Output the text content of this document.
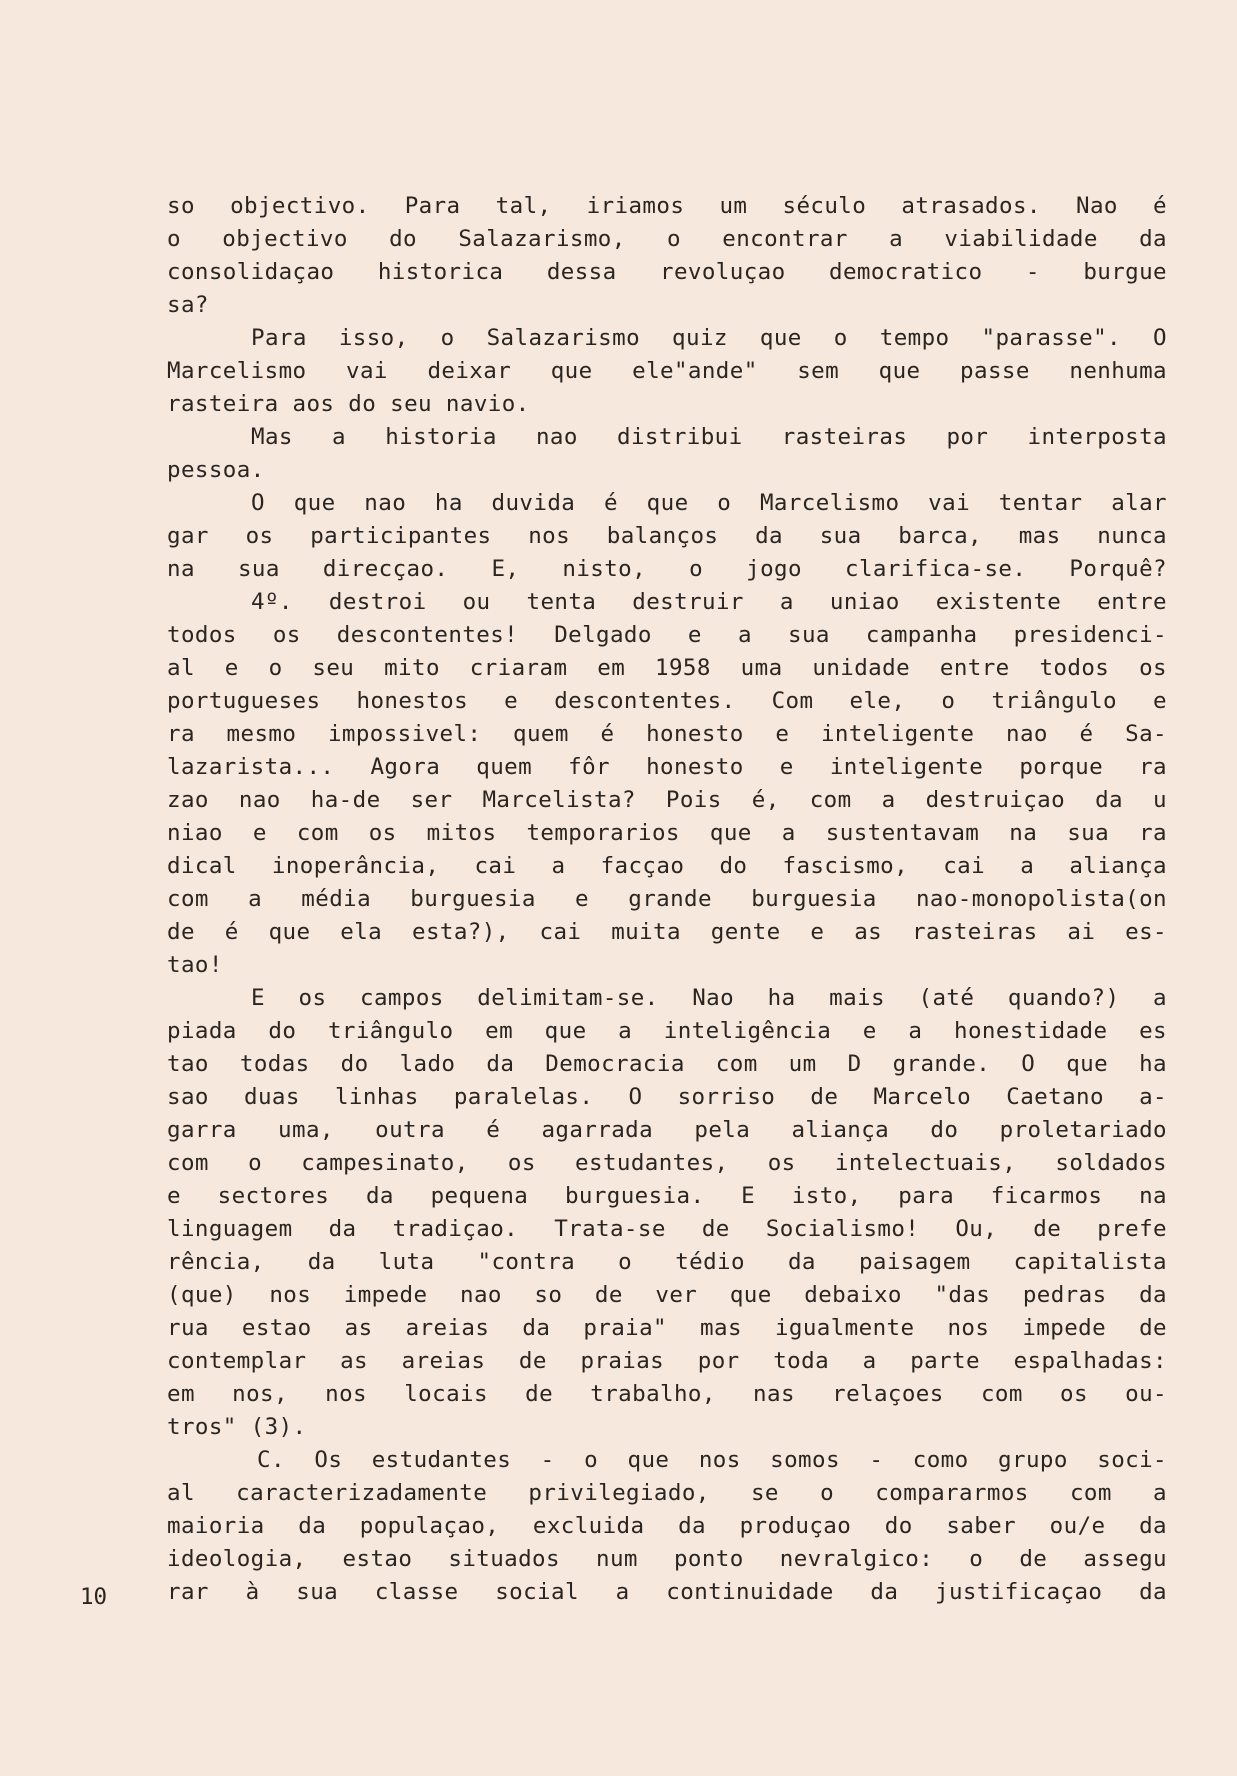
so objectivo. Para tal, iriamos um século atrasados. Nao é
o objectivo do Salazarismo, o encontrar a viabilidade da
consolidaçao historica dessa revoluçao democratico - burgue
sa?
Para isso, o Salazarismo quiz que o tempo "parasse". O
Marcelismo vai deixar que ele"ande" sem que passe nenhuma
rasteira aos do seu navio.
Mas a historia nao distribui rasteiras por interposta
pessoa.
O que nao ha duvida é que o Marcelismo vai tentar alar
gar os participantes nos balanços da sua barca, mas nunca
na sua direcçao. E, nisto, o jogo clarifica-se. Porquê?
4º. destroi ou tenta destruir a uniao existente entre
todos os descontentes! Delgado e a sua campanha presidenci-
al e o seu mito criaram em 1958 uma unidade entre todos os
portugueses honestos e descontentes. Com ele, o triângulo e
ra mesmo impossivel: quem é honesto e inteligente nao é Sa-
lazarista... Agora quem fôr honesto e inteligente porque ra
zao nao ha-de ser Marcelista? Pois é, com a destruiçao da u
niao e com os mitos temporarios que a sustentavam na sua ra
dical inoperância, cai a facçao do fascismo, cai a aliança
com a média burguesia e grande burguesia nao-monopolista(on
de é que ela esta?), cai muita gente e as rasteiras ai es-
tao!
E os campos delimitam-se. Nao ha mais (até quando?) a
piada do triângulo em que a inteligência e a honestidade es
tao todas do lado da Democracia com um D grande. O que ha
sao duas linhas paralelas. O sorriso de Marcelo Caetano a-
garra uma, outra é agarrada pela aliança do proletariado
com o campesinato, os estudantes, os intelectuais, soldados
e sectores da pequena burguesia. E isto, para ficarmos na
linguagem da tradiçao. Trata-se de Socialismo! Ou, de prefe
rência, da luta "contra o tédio da paisagem capitalista
(que) nos impede nao so de ver que debaixo "das pedras da
rua estao as areias da praia" mas igualmente nos impede de
contemplar as areias de praias por toda a parte espalhadas:
em nos, nos locais de trabalho, nas relaçoes com os ou-
tros" (3).
C. Os estudantes - o que nos somos - como grupo soci-
al caracterizadamente privilegiado, se o compararmos com a
maioria da populaçao, excluida da produçao do saber ou/e da
ideologia, estao situados num ponto nevralgico: o de assegu
rar à sua classe social a continuidade da justificaçao da
10
